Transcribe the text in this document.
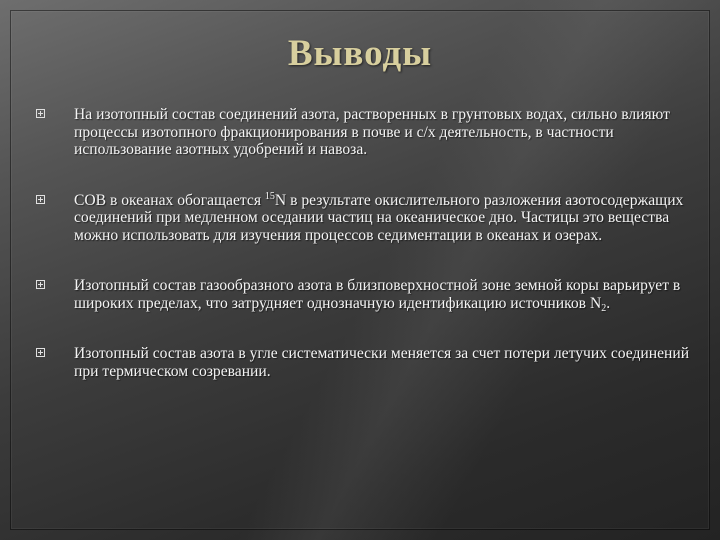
Выводы
На изотопный состав соединений азота, растворенных в грунтовых водах, сильно влияют процессы изотопного фракционирования в почве и с/х деятельность, в частности использование азотных удобрений и навоза.
СОВ в океанах обогащается $^{15}$N в результате окислительного разложения азотосодержащих соединений при медленном оседании частиц на океаническое дно. Частицы это вещества можно использовать для изучения процессов седиментации в океанах и озерах.
Изотопный состав газообразного азота в близповерхностной зоне земной коры варьирует в широких пределах, что затрудняет однозначную идентификацию источников $N_2$.
Изотопный состав азота в угле систематически меняется за счет потери летучих соединений при термическом созревании.
